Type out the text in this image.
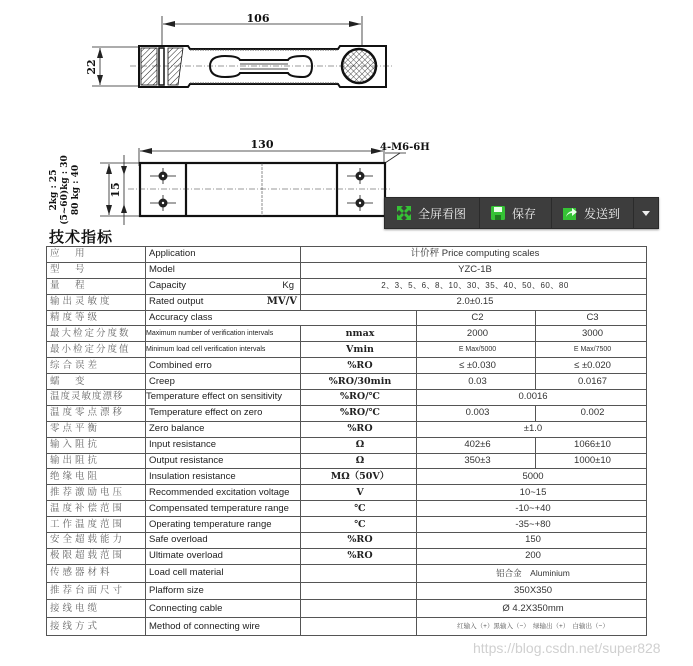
106
22
130	4-M6-6H
15
2kg : 25 (5~60)kg : 30 80 kg : 40	全屏看图	保存	发送到
技术指标
应　用	Application	计价秤 Price computing scales		
型　号	Model	YZC-1B		
量　程	Capacity Kg	2、3、5、6、8、10、30、35、40、50、60、80		
输出灵敏度	Rated output MV/V	2.0±0.15		
精度等级	Accuracy class		C2	C3
最大检定分度数	Maximum number of verification intervals	nmax	2000	3000
最小检定分度值	Minimum load cell verification intervals	Vmin	E Max/5000	E Max/7500
综合误差	Combined erro	%RO	≤ ±0.030	≤ ±0.020
蠕　变	Creep	%RO/30min	0.03	0.0167
温度灵敏度漂移	Temperature effect on sensitivity	%RO/℃	0.0016	
温度零点漂移	Temperature effect on zero	%RO/℃	0.003	0.002
零点平衡	Zero balance	%RO	±1.0	
输入阻抗	Input resistance	Ω	402±6	1066±10
输出阻抗	Output resistance	Ω	350±3	1000±10
绝缘电阻	Insulation resistance	MΩ（50V）	5000	
推荐激励电压	Recommended excitation voltage	V	10~15	
温度补偿范围	Compensated temperature range	℃	-10~+40	
工作温度范围	Operating temperature range	℃	-35~+80	
安全超载能力	Safe overload	%RO	150	
极限超载范围	Ultimate overload	%RO	200	
传感器材料	Load cell material		铝合金　Aluminium	
推荐台面尺寸	Plafform size		350X350	
接线电缆	Connecting cable		Ø 4.2X350mm	
接线方式	Method of connecting wire		红输入（+）黑输入（−）　绿输出（+）　白输出（−）	
https://blog.csdn.net/super828
